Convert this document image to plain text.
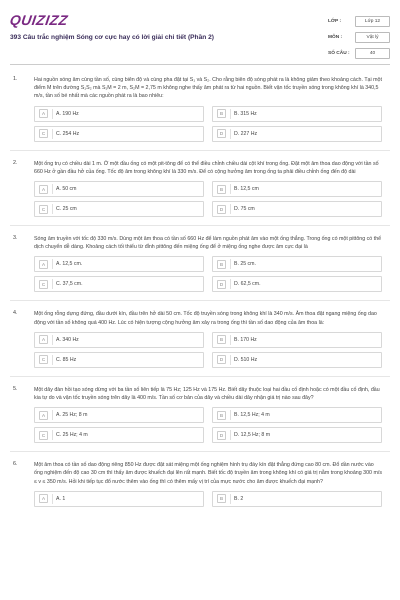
QUIZIZZ
393 Câu trắc nghiệm Sóng cơ cực hay có lời giải chi tiết (Phần 2)
LỚP :	Lớp 12
MÔN :	Vật lý
SỐ CÂU :	40
1.	Hai nguồn sóng âm cùng tần số, cùng biên độ và cùng pha đặt tại S₁ và S₂. Cho rằng biên độ sóng phát ra là không giảm theo khoảng cách. Tại một điểm M trên đường S₁S₂ mà S₁M = 2 m, S₂M = 2,75 m không nghe thấy âm phát ra từ hai nguồn. Biết vận tốc truyền sóng trong không khí là 340,5 m/s, tần số bé nhất mà các nguồn phát ra là bao nhiêu:
A	A. 190 Hz	B	B. 315 Hz
C	C. 254 Hz	D	D. 227 Hz
2.	Một ống trụ có chiều dài 1 m. Ở một đầu ống có một pit-tông để có thể điều chỉnh chiều dài cột khí trong ống. Đặt một âm thoa dao động với tần số 660 Hz ở gần đầu hở của ống. Tốc độ âm trong không khí là 330 m/s. Để có cộng hưởng âm trong ống ta phải điều chỉnh ống đến độ dài
A	A. 50 cm	B	B. 12,5 cm
C	C. 25 cm	D	D. 75 cm
3.	Sóng âm truyền với tốc độ 330 m/s. Dùng một âm thoa có tần số 660 Hz để làm nguồn phát âm vào một ống thẳng. Trong ống có một pittông có thể dịch chuyển dễ dàng. Khoảng cách tối thiểu từ đỉnh pittông đến miệng ống để ở miệng ống nghe được âm cực đại là
A	A. 12,5 cm.	B	B. 25 cm.
C	C. 37,5 cm.	D	D. 62,5 cm.
4.	Một ống rỗng dựng đứng, đầu dưới kín, đầu trên hở dài 50 cm. Tốc độ truyền sóng trong không khí là 340 m/s. Âm thoa đặt ngang miệng ống dao động với tần số không quá 400 Hz. Lúc có hiện tượng cộng hưởng âm xảy ra trong ống thì tần số dao động của âm thoa là:
A	A. 340 Hz	B	B. 170 Hz
C	C. 85 Hz	D	D. 510 Hz
5.	Một dây đàn hồi tạo sóng dừng với ba tần số liên tiếp là 75 Hz; 125 Hz và 175 Hz. Biết dây thuộc loại hai đầu cố định hoặc có một đầu cố định, đầu kia tự do và vận tốc truyền sóng trên dây là 400 m/s. Tần số cơ bản của dây và chiều dài dây nhận giá trị nào sau đây?
A	A. 25 Hz; 8 m	B	B. 12,5 Hz; 4 m
C	C. 25 Hz; 4 m	D	D. 12,5 Hz; 8 m
6.	Một âm thoa có tần số dao động riêng 850 Hz được đặt sát miệng một ống nghiệm hình trụ đáy kín đặt thẳng đứng cao 80 cm. Đổ dần nước vào ống nghiệm đến độ cao 30 cm thì thấy âm được khuếch đại lên rất mạnh. Biết tốc độ truyền âm trong không khí có giá trị nằm trong khoảng 300 m/s ≤ v ≤ 350 m/s. Hỏi khi tiếp tục đổ nước thêm vào ống thì có thêm mấy vị trí của mực nước cho âm được khuếch đại mạnh?
A	A. 1	B	B. 2
